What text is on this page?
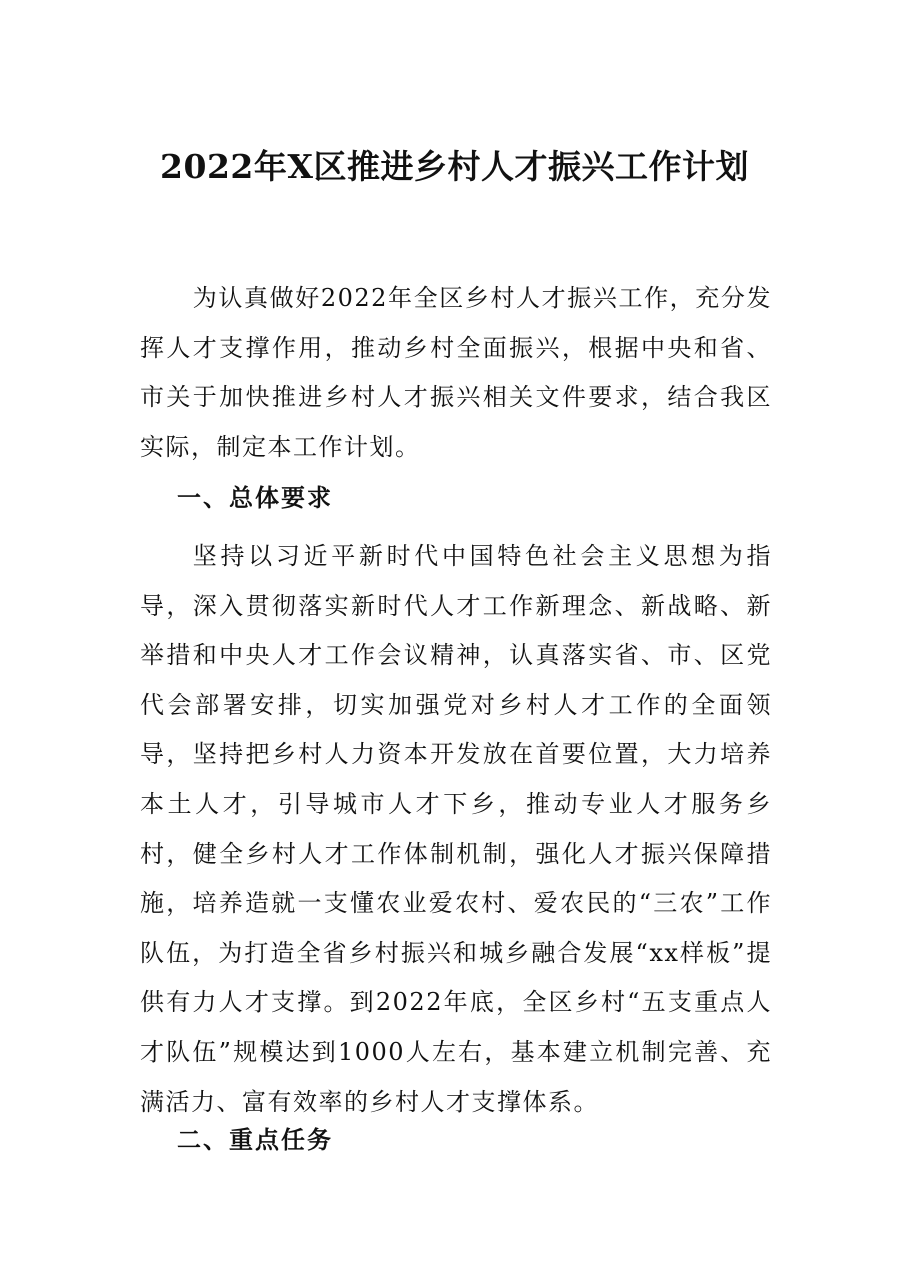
2022年X区推进乡村人才振兴工作计划

为认真做好2022年全区乡村人才振兴工作，充分发挥人才支撑作用，推动乡村全面振兴，根据中央和省、市关于加快推进乡村人才振兴相关文件要求，结合我区实际，制定本工作计划。

一、总体要求

坚持以习近平新时代中国特色社会主义思想为指导，深入贯彻落实新时代人才工作新理念、新战略、新举措和中央人才工作会议精神，认真落实省、市、区党代会部署安排，切实加强党对乡村人才工作的全面领导，坚持把乡村人力资本开发放在首要位置，大力培养本土人才，引导城市人才下乡，推动专业人才服务乡村，健全乡村人才工作体制机制，强化人才振兴保障措施，培养造就一支懂农业爱农村、爱农民的“三农”工作队伍，为打造全省乡村振兴和城乡融合发展“xx样板”提供有力人才支撑。到2022年底，全区乡村“五支重点人才队伍”规模达到1000人左右，基本建立机制完善、充满活力、富有效率的乡村人才支撑体系。

二、重点任务
